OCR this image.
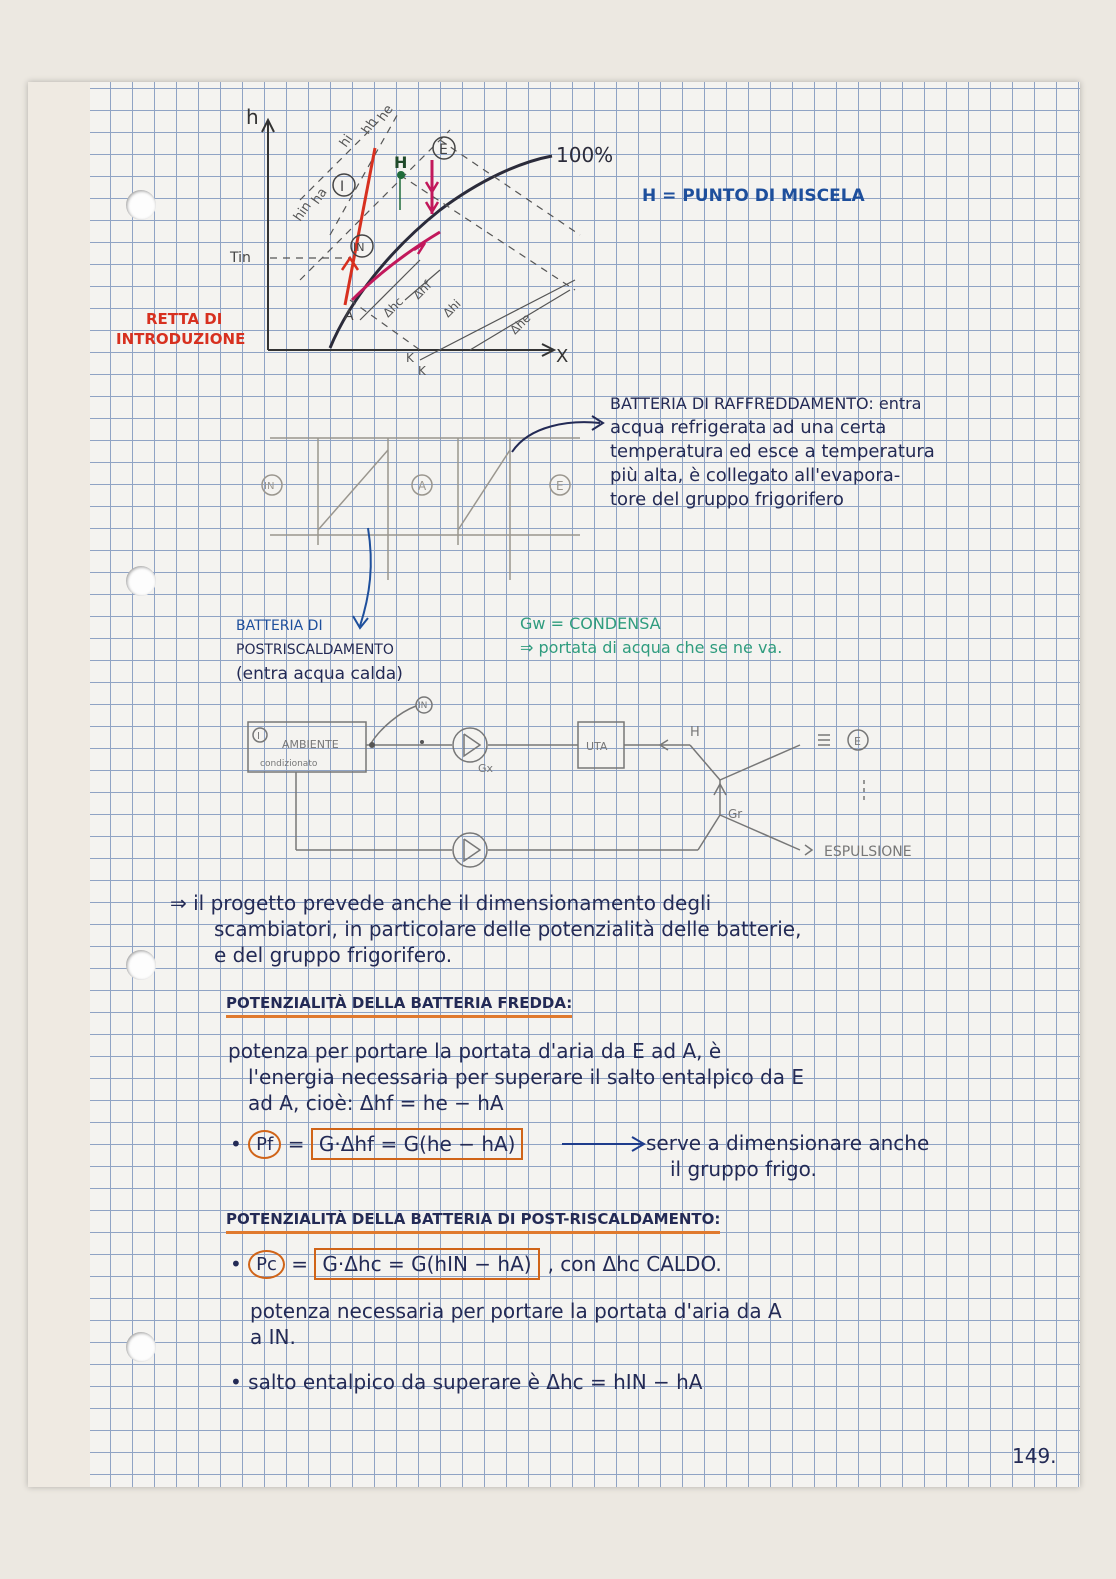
h
X
100%
I
H
E
IN
A
Tin
hi
hh
he
hin
ha
Δhc
Δhf
Δhi
Δhe
K
K
RETTA DI
INTRODUZIONE
H = PUNTO DI MISCELA
IN	A	E
BATTERIA DI RAFFREDDAMENTO: entra
acqua refrigerata ad una certa
temperatura ed esce a temperatura
più alta, è collegato all'evapora-
tore del gruppo frigorifero
BATTERIA DI
POSTRISCALDAMENTO
(entra acqua calda)
Gw = CONDENSA
⇒ portata di acqua che se ne va.
I
AMBIENTE
condizionato
IN
Gx
UTA
H
Gr
E
ESPULSIONE
⇒ il progetto prevede anche il dimensionamento degli
scambiatori, in particolare delle potenzialità delle batterie,
e del gruppo frigorifero.
POTENZIALITÀ DELLA BATTERIA FREDDA:
potenza per portare la portata d'aria da E ad A, è
l'energia necessaria per superare il salto entalpico da E
ad A, cioè: Δhf = he − hA
• Pf = G·Δhf = G(he − hA)	serve a dimensionare anche
il gruppo frigo.
POTENZIALITÀ DELLA BATTERIA DI POST-RISCALDAMENTO:
• Pc = G·Δhc = G(hIN − hA) , con Δhc CALDO.
potenza necessaria per portare la portata d'aria da A
a IN.
• salto entalpico da superare è Δhc = hIN − hA
149.
